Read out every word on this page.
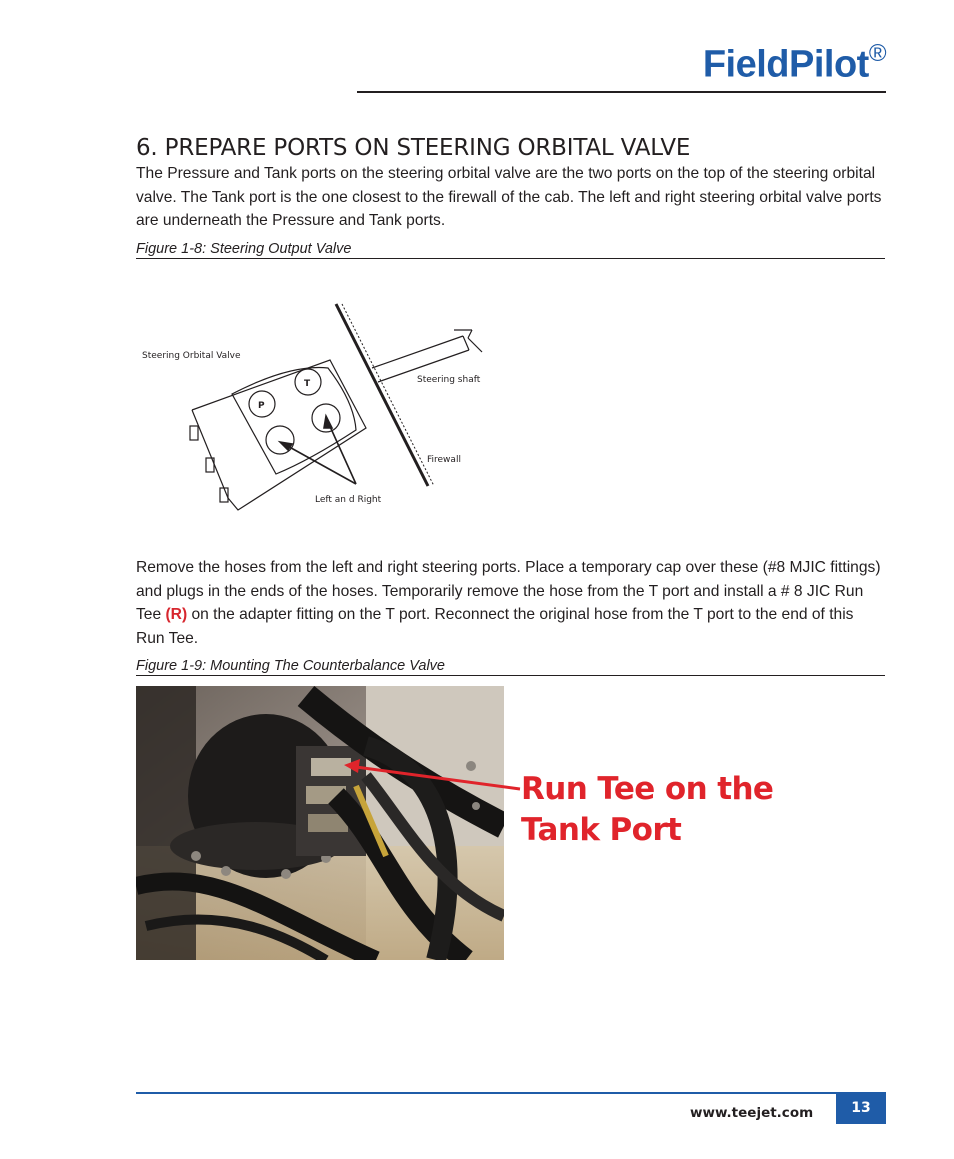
FieldPilot®
6. PREPARE PORTS ON STEERING ORBITAL VALVE

The Pressure and Tank ports on the steering orbital valve are the two ports on the top of the steering orbital valve. The Tank port is the one closest to the firewall of the cab. The left and right steering orbital valve ports are underneath the Pressure and Tank ports.

Figure 1-8: Steering Output Valve
P
T
Steering Orbital Valve
Steering shaft
Firewall
Left an d Right

Remove the hoses from the left and right steering ports. Place a temporary cap over these (#8 MJIC fittings) and plugs in the ends of the hoses. Temporarily remove the hose from the T port and install a # 8 JIC Run Tee (R) on the adapter fitting on the T port. Reconnect the original hose from the T port to the end of this Run Tee.

Figure 1-9: Mounting The Counterbalance Valve
Run Tee on the
Tank Port
www.teejet.com	13
